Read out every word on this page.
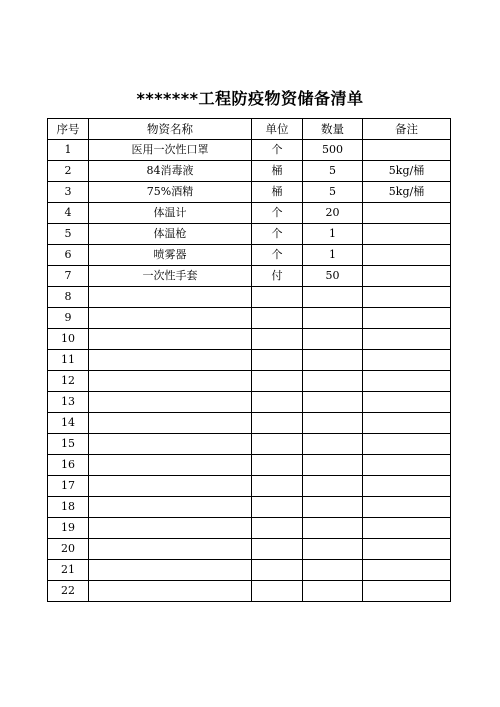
*******工程防疫物资储备清单
序号	物资名称	单位	数量	备注
1	医用一次性口罩	个	500	
2	84消毒液	桶	5	5kg/桶
3	75%酒精	桶	5	5kg/桶
4	体温计	个	20	
5	体温枪	个	1	
6	喷雾器	个	1	
7	一次性手套	付	50	
8				
9				
10				
11				
12				
13				
14				
15				
16				
17				
18				
19				
20				
21				
22				
